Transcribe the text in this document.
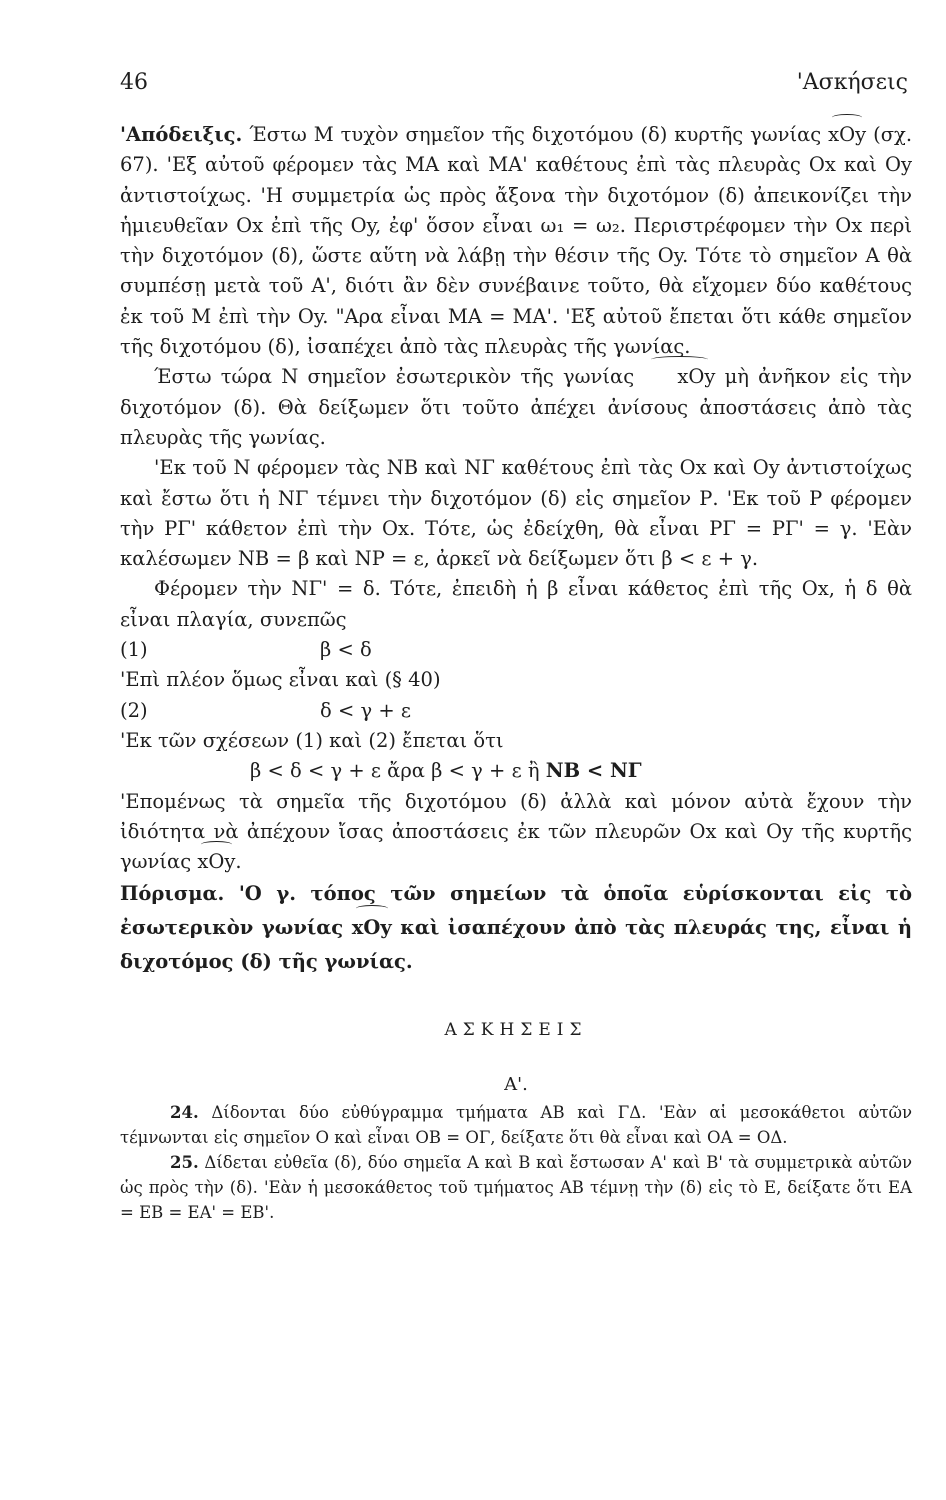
46	'Ασκήσεις

'Απόδειξις. Έστω Μ τυχὸν σημεῖον τῆς διχοτόμου (δ) κυρτῆς γωνίας xOy (σχ. 67). 'Εξ αὐτοῦ φέρομεν τὰς ΜΑ καὶ ΜΑ' καθέτους ἐπὶ τὰς πλευρὰς Ox καὶ Oy ἀντιστοίχως. 'Η συμμετρία ὡς πρὸς ἄξονα τὴν διχοτόμον (δ) ἀπεικονίζει τὴν ἡμιευθεῖαν Ox ἐπὶ τῆς Oy, ἐφ' ὅσον εἶναι ω₁ = ω₂. Περιστρέφομεν τὴν Ox περὶ τὴν διχοτόμον (δ), ὥστε αὕτη νὰ λάβῃ τὴν θέσιν τῆς Oy. Τότε τὸ σημεῖον Α θὰ συμπέσῃ μετὰ τοῦ Α', διότι ἂν δὲν συνέβαινε τοῦτο, θὰ εἴχομεν δύο καθέτους ἐκ τοῦ Μ ἐπὶ τὴν Oy. "Αρα εἶναι ΜΑ = ΜΑ'. 'Εξ αὐτοῦ ἔπεται ὅτι κάθε σημεῖον τῆς διχοτόμου (δ), ἰσαπέχει ἀπὸ τὰς πλευρὰς τῆς γωνίας.

Έστω τώρα Ν σημεῖον ἐσωτερικὸν τῆς γωνίας xOy μὴ ἀνῆκον εἰς τὴν διχοτόμον (δ). Θὰ δείξωμεν ὅτι τοῦτο ἀπέχει ἀνίσους ἀποστάσεις ἀπὸ τὰς πλευρὰς τῆς γωνίας.

'Εκ τοῦ Ν φέρομεν τὰς ΝΒ καὶ ΝΓ καθέτους ἐπὶ τὰς Ox καὶ Oy ἀντιστοίχως καὶ ἔστω ὅτι ἡ ΝΓ τέμνει τὴν διχοτόμον (δ) εἰς σημεῖον Ρ. 'Εκ τοῦ Ρ φέρομεν τὴν ΡΓ' κάθετον ἐπὶ τὴν Ox. Τότε, ὡς ἐδείχθη, θὰ εἶναι ΡΓ = ΡΓ' = γ. 'Εὰν καλέσωμεν ΝΒ = β καὶ ΝΡ = ε, ἀρκεῖ νὰ δείξωμεν ὅτι β < ε + γ.

Φέρομεν τὴν ΝΓ' = δ. Τότε, ἐπειδὴ ἡ β εἶναι κάθετος ἐπὶ τῆς Ox, ἡ δ θὰ εἶναι πλαγία, συνεπῶς

(1)	β < δ

'Επὶ πλέον ὅμως εἶναι καὶ (§ 40)

(2)	δ < γ + ε

'Εκ τῶν σχέσεων (1) καὶ (2) ἔπεται ὅτι

β < δ < γ + ε ἄρα β < γ + ε ἢ ΝΒ < ΝΓ

'Επομένως τὰ σημεῖα τῆς διχοτόμου (δ) ἀλλὰ καὶ μόνον αὐτὰ ἔχουν τὴν ἰδιότητα νὰ ἀπέχουν ἴσας ἀποστάσεις ἐκ τῶν πλευρῶν Ox καὶ Oy τῆς κυρτῆς γωνίας xOy.

Πόρισμα. 'Ο γ. τόπος τῶν σημείων τὰ ὁποῖα εὑρίσκονται εἰς τὸ ἐσωτερικὸν γωνίας xOy καὶ ἰσαπέχουν ἀπὸ τὰς πλευράς της, εἶναι ἡ διχοτόμος (δ) τῆς γωνίας.

ΑΣΚΗΣΕΙΣ
Α'.

24. Δίδονται δύο εὐθύγραμμα τμήματα ΑΒ καὶ ΓΔ. 'Εὰν αἱ μεσοκάθετοι αὐτῶν τέμνωνται εἰς σημεῖον Ο καὶ εἶναι ΟΒ = ΟΓ, δείξατε ὅτι θὰ εἶναι καὶ ΟΑ = ΟΔ.

25. Δίδεται εὐθεῖα (δ), δύο σημεῖα Α καὶ Β καὶ ἔστωσαν Α' καὶ Β' τὰ συμμετρικὰ αὐτῶν ὡς πρὸς τὴν (δ). 'Εὰν ἡ μεσοκάθετος τοῦ τμήματος ΑΒ τέμνῃ τὴν (δ) εἰς τὸ Ε, δείξατε ὅτι ΕΑ = ΕΒ = ΕΑ' = ΕΒ'.
